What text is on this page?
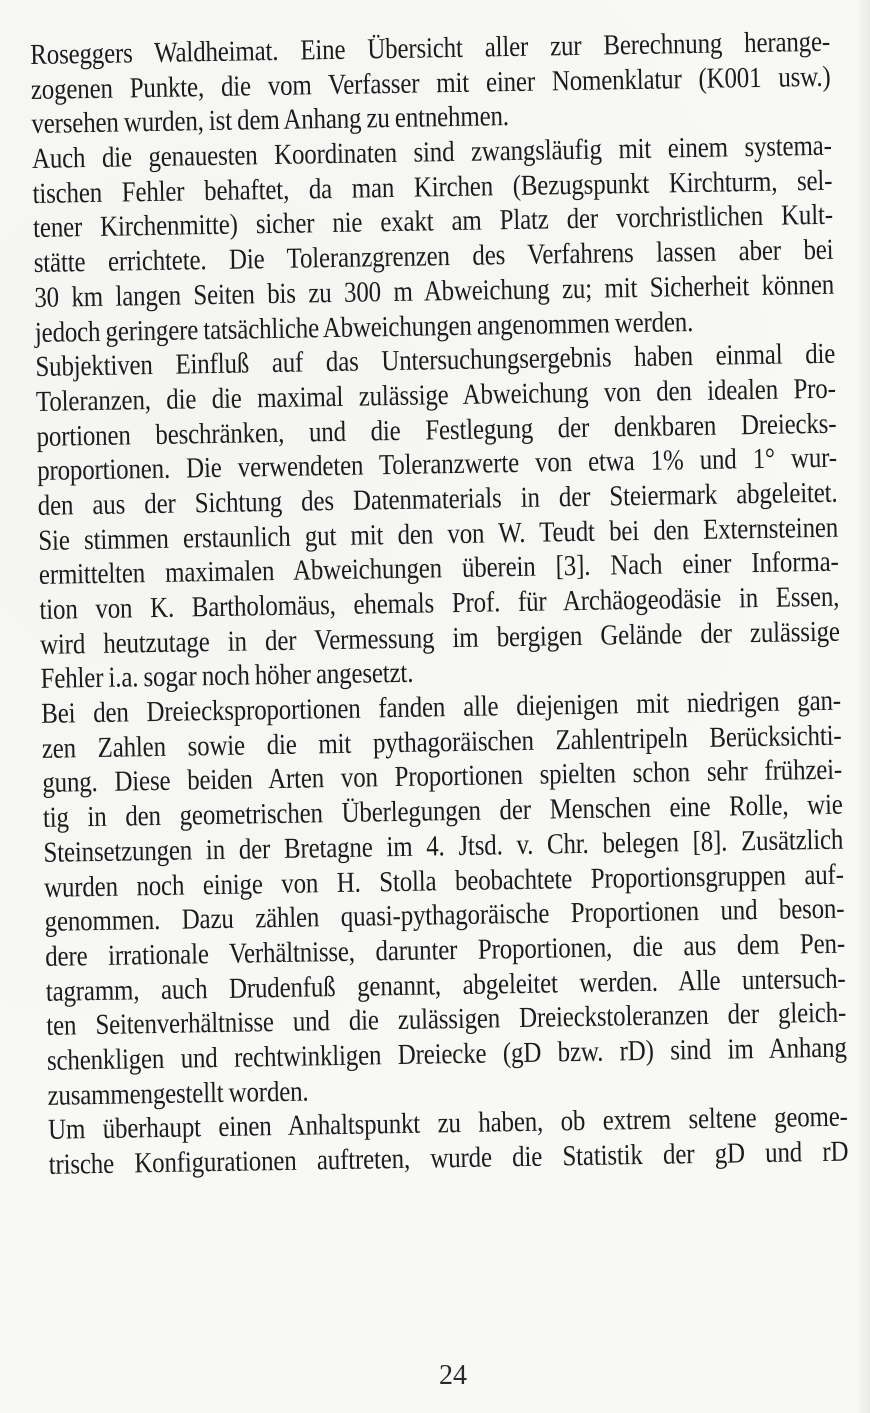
Roseggers Waldheimat. Eine Übersicht aller zur Berechnung herange-
zogenen Punkte, die vom Verfasser mit einer Nomenklatur (K001 usw.)
versehen wurden, ist dem Anhang zu entnehmen.
Auch die genauesten Koordinaten sind zwangsläufig mit einem systema-
tischen Fehler behaftet, da man Kirchen (Bezugspunkt Kirchturm, sel-
tener Kirchenmitte) sicher nie exakt am Platz der vorchristlichen Kult-
stätte errichtete. Die Toleranzgrenzen des Verfahrens lassen aber bei
30 km langen Seiten bis zu 300 m Abweichung zu; mit Sicherheit können
jedoch geringere tatsächliche Abweichungen angenommen werden.
Subjektiven Einfluß auf das Untersuchungsergebnis haben einmal die
Toleranzen, die die maximal zulässige Abweichung von den idealen Pro-
portionen beschränken, und die Festlegung der denkbaren Dreiecks-
proportionen. Die verwendeten Toleranzwerte von etwa 1% und 1° wur-
den aus der Sichtung des Datenmaterials in der Steiermark abgeleitet.
Sie stimmen erstaunlich gut mit den von W. Teudt bei den Externsteinen
ermittelten maximalen Abweichungen überein [3]. Nach einer Informa-
tion von K. Bartholomäus, ehemals Prof. für Archäogeodäsie in Essen,
wird heutzutage in der Vermessung im bergigen Gelände der zulässige
Fehler i.a. sogar noch höher angesetzt.
Bei den Dreiecksproportionen fanden alle diejenigen mit niedrigen gan-
zen Zahlen sowie die mit pythagoräischen Zahlentripeln Berücksichti-
gung. Diese beiden Arten von Proportionen spielten schon sehr frühzei-
tig in den geometrischen Überlegungen der Menschen eine Rolle, wie
Steinsetzungen in der Bretagne im 4. Jtsd. v. Chr. belegen [8]. Zusätzlich
wurden noch einige von H. Stolla beobachtete Proportionsgruppen auf-
genommen. Dazu zählen quasi-pythagoräische Proportionen und beson-
dere irrationale Verhältnisse, darunter Proportionen, die aus dem Pen-
tagramm, auch Drudenfuß genannt, abgeleitet werden. Alle untersuch-
ten Seitenverhältnisse und die zulässigen Dreieckstoleranzen der gleich-
schenkligen und rechtwinkligen Dreiecke (gD bzw. rD) sind im Anhang
zusammengestellt worden.
Um überhaupt einen Anhaltspunkt zu haben, ob extrem seltene geome-
trische Konfigurationen auftreten, wurde die Statistik der gD und rD
24
